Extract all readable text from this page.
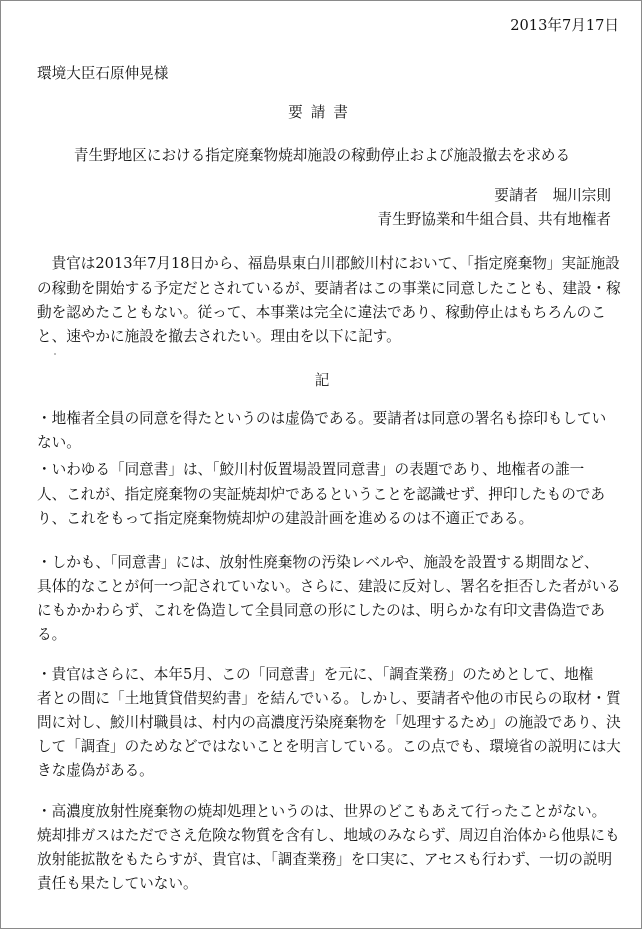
2013年7月17日

環境大臣石原伸晃様

要請書

青生野地区における指定廃棄物焼却施設の稼動停止および施設撤去を求める

要請者　堀川宗則

青生野協業和牛組合員、共有地権者

　貴官は2013年7月18日から、福島県東白川郡鮫川村において、「指定廃棄物」実証施設

の稼動を開始する予定だとされているが、要請者はこの事業に同意したことも、建設・稼

動を認めたこともない。従って、本事業は完全に違法であり、稼動停止はもちろんのこ

と、速やかに施設を撤去されたい。理由を以下に記す。

記

・地権者全員の同意を得たというのは虚偽である。要請者は同意の署名も捺印もしてい

ない。

・いわゆる「同意書」は、「鮫川村仮置場設置同意書」の表題であり、地権者の誰一

人、これが、指定廃棄物の実証焼却炉であるということを認識せず、押印したものであ

り、これをもって指定廃棄物焼却炉の建設計画を進めるのは不適正である。

・しかも、「同意書」には、放射性廃棄物の汚染レベルや、施設を設置する期間など、

具体的なことが何一つ記されていない。さらに、建設に反対し、署名を拒否した者がいる

にもかかわらず、これを偽造して全員同意の形にしたのは、明らかな有印文書偽造であ

る。

・貴官はさらに、本年5月、この「同意書」を元に、「調査業務」のためとして、地権

者との間に「土地賃貸借契約書」を結んでいる。しかし、要請者や他の市民らの取材・質

問に対し、鮫川村職員は、村内の高濃度汚染廃棄物を「処理するため」の施設であり、決

して「調査」のためなどではないことを明言している。この点でも、環境省の説明には大

きな虚偽がある。

・高濃度放射性廃棄物の焼却処理というのは、世界のどこもあえて行ったことがない。

焼却排ガスはただでさえ危険な物質を含有し、地域のみならず、周辺自治体から他県にも

放射能拡散をもたらすが、貴官は、「調査業務」を口実に、アセスも行わず、一切の説明

責任も果たしていない。
